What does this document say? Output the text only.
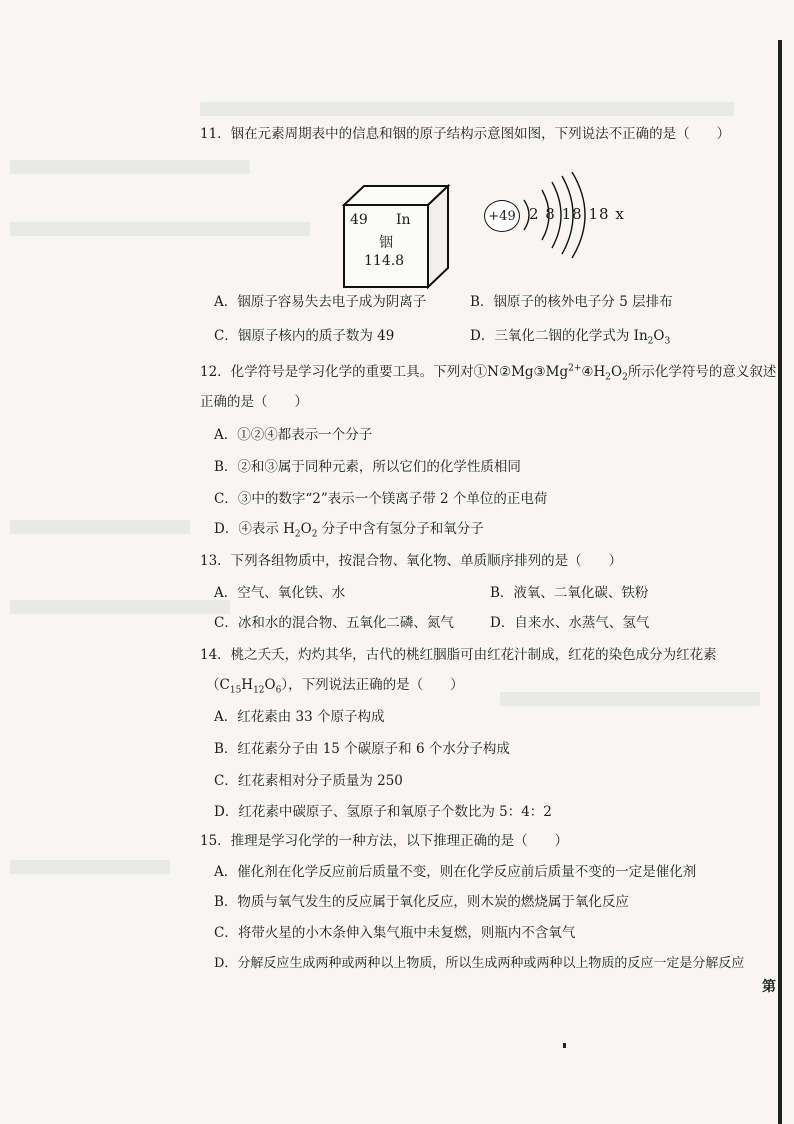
11．铟在元素周期表中的信息和铟的原子结构示意图如图，下列说法不正确的是（　　）
49 In
铟
114.8
+49 2 8 18 18 x
A．铟原子容易失去电子成为阴离子	B．铟原子的核外电子分 5 层排布
C．铟原子核内的质子数为 49	D．三氧化二铟的化学式为 $In_2O_3$
12．化学符号是学习化学的重要工具。下列对$①N②Mg③Mg^{2+}④H_2O_2$所示化学符号的意义叙述
正确的是（　　）
A．①②④都表示一个分子
B．②和③属于同种元素，所以它们的化学性质相同
C．③中的数字“2”表示一个镁离子带 2 个单位的正电荷
D．④表示 $H_2O_2$ 分子中含有氢分子和氧分子
13．下列各组物质中，按混合物、氧化物、单质顺序排列的是（　　）
A．空气、氧化铁、水	B．液氧、二氧化碳、铁粉
C．冰和水的混合物、五氧化二磷、氮气	D．自来水、水蒸气、氢气
14．桃之夭夭，灼灼其华，古代的桃红胭脂可由红花汁制成，红花的染色成分为红花素
$(C_{15}H_{12}O_6)$，下列说法正确的是（　　）
A．红花素由 33 个原子构成
B．红花素分子由 15 个碳原子和 6 个水分子构成
C．红花素相对分子质量为 250
D．红花素中碳原子、氢原子和氧原子个数比为 5：4：2
15．推理是学习化学的一种方法，以下推理正确的是（　　）
A．催化剂在化学反应前后质量不变，则在化学反应前后质量不变的一定是催化剂
B．物质与氧气发生的反应属于氧化反应，则木炭的燃烧属于氧化反应
C．将带火星的小木条伸入集气瓶中未复燃，则瓶内不含氧气
D．分解反应生成两种或两种以上物质，所以生成两种或两种以上物质的反应一定是分解反应
第
